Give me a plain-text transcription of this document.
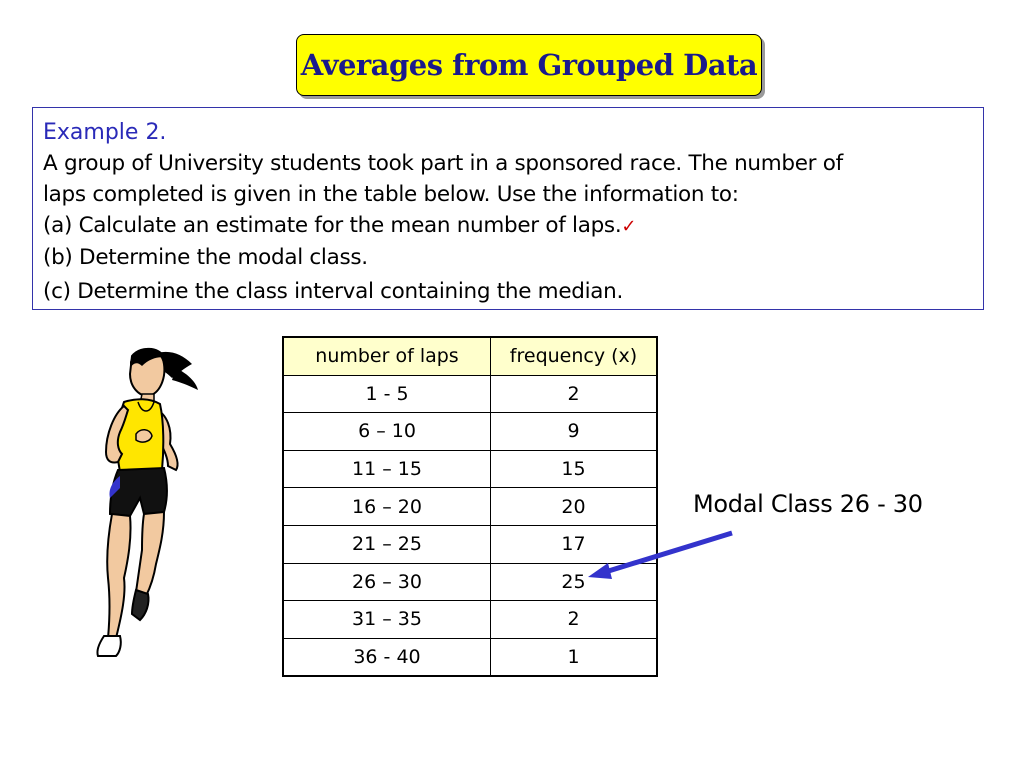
Averages from Grouped Data
Example 2.
A group of University students took part in a sponsored race. The number of
laps completed is given in the table below. Use the information to:
(a) Calculate an estimate for the mean number of laps.✓
(b) Determine the modal class.
(c) Determine the class interval containing the median.
number of laps	frequency (x)
1 - 5	2
6 – 10	9
11 – 15	15
16 – 20	20
21 – 25	17
26 – 30	25
31 – 35	2
36 - 40	1
Modal Class 26 - 30
